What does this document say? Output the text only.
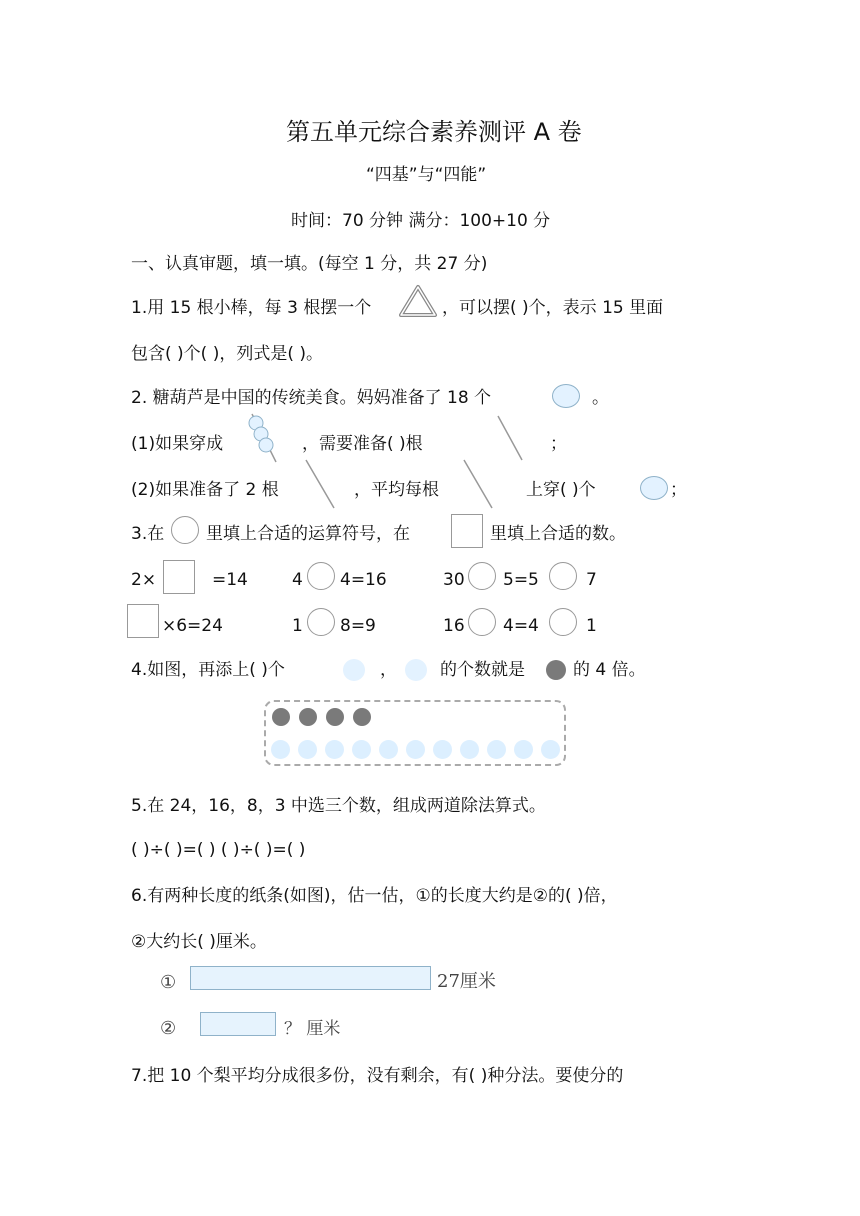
第五单元综合素养测评 A 卷
“四基”与“四能”
时间：70 分钟 满分：100+10 分
一、认真审题，填一填。(每空 1 分，共 27 分)
1.用 15 根小棒，每 3 根摆一个	，可以摆( )个，表示 15 里面
包含( )个( )，列式是( )。
2. 糖葫芦是中国的传统美食。妈妈准备了 18 个	。
(1)如果穿成	，需要准备( )根	；
(2)如果准备了 2 根	，平均每根	上穿( )个	；
3.在 里填上合适的运算符号，在	里填上合适的数。
2×	=14	4 4=16	30 5=5	7
×6=24	1 8=9	16 4=4	1
4.如图，再添上( )个	，	的个数就是	的 4 倍。
5.在 24，16，8，3 中选三个数，组成两道除法算式。
( )÷( )=( ) ( )÷( )=( )
6.有两种长度的纸条(如图)，估一估，①的长度大约是②的( )倍，
②大约长( )厘米。
①	27厘米
②	？ 厘米
7.把 10 个梨平均分成很多份，没有剩余，有( )种分法。要使分的
